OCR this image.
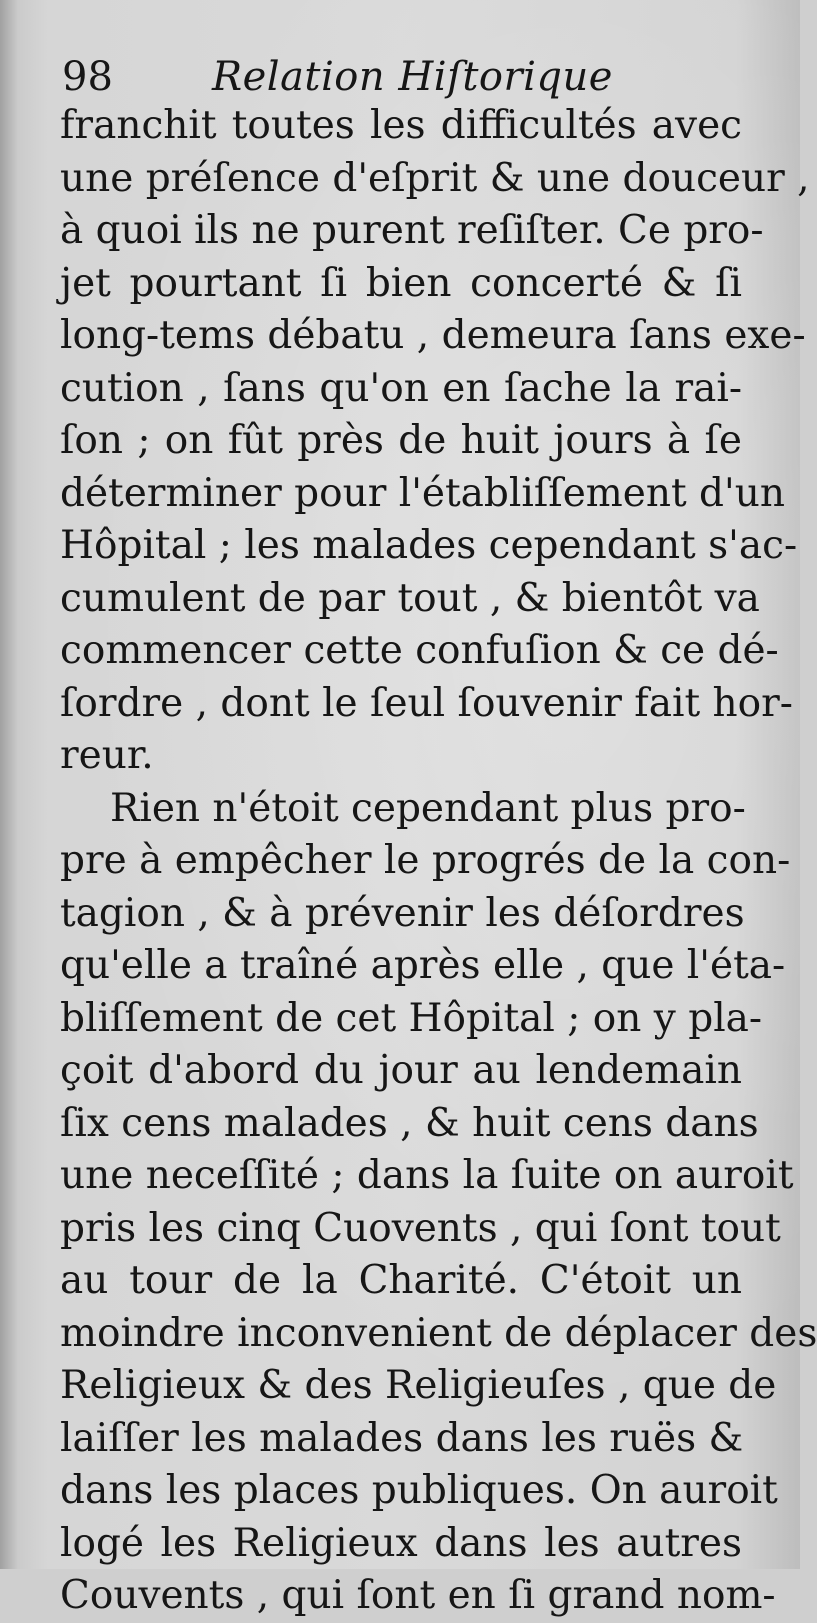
98 Relation Hiſtorique
franchit toutes les difficultés avec
une préſence d'eſprit & une douceur ,
à quoi ils ne purent reſiſter. Ce pro-
jet pourtant ſi bien concerté & ſi
long-tems débatu , demeura ſans exe-
cution , ſans qu'on en ſache la rai-
ſon ; on fût près de huit jours à ſe
déterminer pour l'établiſſement d'un
Hôpital ; les malades cependant s'ac-
cumulent de par tout , & bientôt va
commencer cette confuſion & ce dé-
ſordre , dont le ſeul ſouvenir fait hor-
reur.
Rien n'étoit cependant plus pro-
pre à empêcher le progrés de la con-
tagion , & à prévenir les déſordres
qu'elle a traîné après elle , que l'éta-
bliſſement de cet Hôpital ; on y pla-
çoit d'abord du jour au lendemain
ſix cens malades , & huit cens dans
une neceſſité ; dans la ſuite on auroit
pris les cinq Cuovents , qui ſont tout
au tour de la Charité. C'étoit un
moindre inconvenient de déplacer des
Religieux & des Religieuſes , que de
laiſſer les malades dans les ruës &
dans les places publiques. On auroit
logé les Religieux dans les autres
Couvents , qui ſont en ſi grand nom-
